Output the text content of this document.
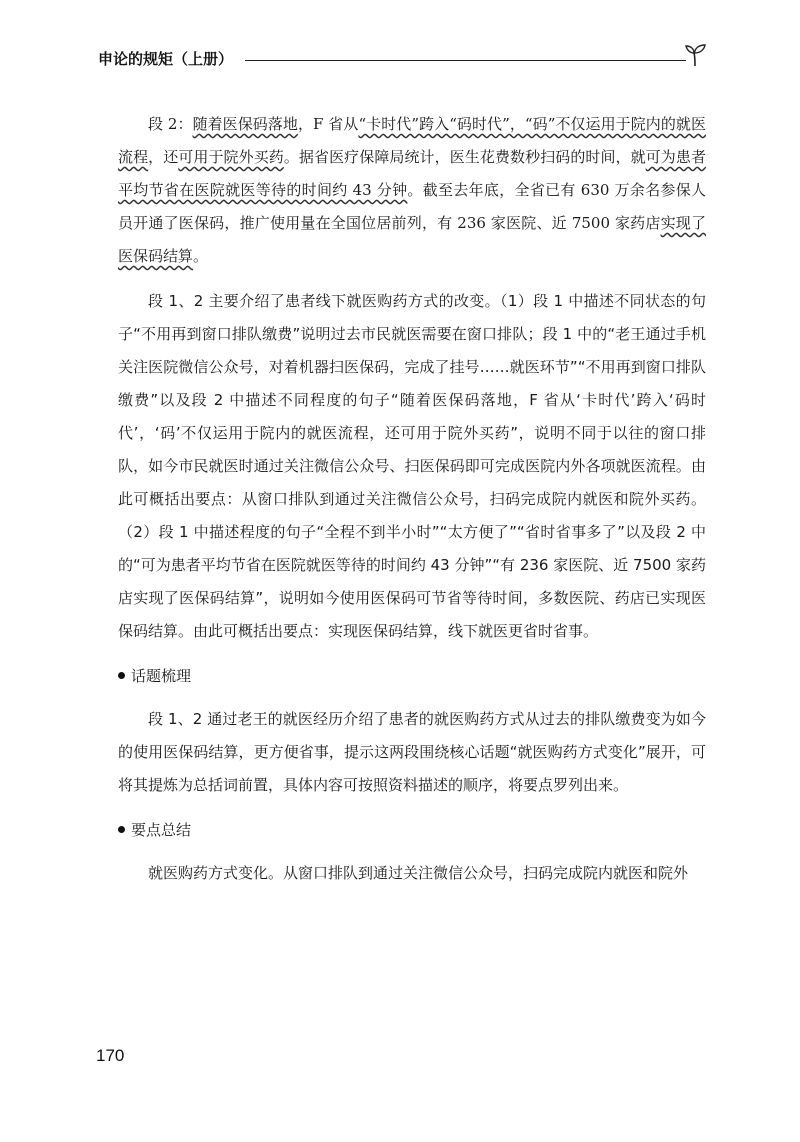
申论的规矩（上册）

段 2：随着医保码落地，F 省从“卡时代”跨入“码时代”，“码”不仅运用于院内的就医流程，还可用于院外买药。据省医疗保障局统计，医生花费数秒扫码的时间，就可为患者平均节省在医院就医等待的时间约 43 分钟。截至去年底，全省已有 630 万余名参保人员开通了医保码，推广使用量在全国位居前列，有 236 家医院、近 7500 家药店实现了医保码结算。

段 1、2 主要介绍了患者线下就医购药方式的改变。（1）段 1 中描述不同状态的句子“不用再到窗口排队缴费”说明过去市民就医需要在窗口排队；段 1 中的“老王通过手机关注医院微信公众号，对着机器扫医保码，完成了挂号……就医环节”“不用再到窗口排队缴费”以及段 2 中描述不同程度的句子“随着医保码落地，F 省从‘卡时代’跨入‘码时代’，‘码’不仅运用于院内的就医流程，还可用于院外买药”，说明不同于以往的窗口排队，如今市民就医时通过关注微信公众号、扫医保码即可完成医院内外各项就医流程。由此可概括出要点：从窗口排队到通过关注微信公众号，扫码完成院内就医和院外买药。（2）段 1 中描述程度的句子“全程不到半小时”“太方便了”“省时省事多了”以及段 2 中的“可为患者平均节省在医院就医等待的时间约 43 分钟”“有 236 家医院、近 7500 家药店实现了医保码结算”，说明如今使用医保码可节省等待时间，多数医院、药店已实现医保码结算。由此可概括出要点：实现医保码结算，线下就医更省时省事。

话题梳理

段 1、2 通过老王的就医经历介绍了患者的就医购药方式从过去的排队缴费变为如今的使用医保码结算，更方便省事，提示这两段围绕核心话题“就医购药方式变化”展开，可将其提炼为总括词前置，具体内容可按照资料描述的顺序，将要点罗列出来。

要点总结

就医购药方式变化。从窗口排队到通过关注微信公众号，扫码完成院内就医和院外

170
